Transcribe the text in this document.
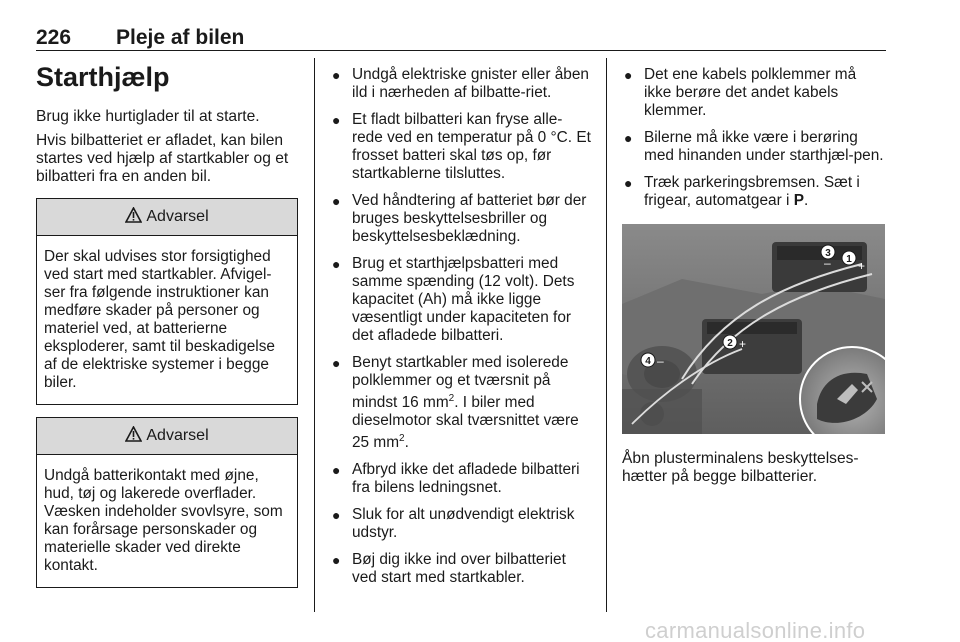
226 Pleje af bilen
Starthjælp

Brug ikke hurtiglader til at starte.

Hvis bilbatteriet er afladet, kan bilen startes ved hjælp af startkabler og et bilbatteri fra en anden bil.

Advarsel
Der skal udvises stor forsigtighed ved start med startkabler. Afvigel-ser fra følgende instruktioner kan medføre skader på personer og materiel ved, at batterierne eksploderer, samt til beskadigelse af de elektriske systemer i begge biler.
Advarsel
Undgå batterikontakt med øjne, hud, tøj og lakerede overflader. Væsken indeholder svovlsyre, som kan forårsage personskader og materielle skader ved direkte kontakt.
● Undgå elektriske gnister eller åben ild i nærheden af bilbatte-riet.
● Et fladt bilbatteri kan fryse alle-rede ved en temperatur på 0 °C. Et frosset batteri skal tøs op, før startkablerne tilsluttes.
● Ved håndtering af batteriet bør der bruges beskyttelsesbriller og beskyttelsesbeklædning.
● Brug et starthjælpsbatteri med samme spænding (12 volt). Dets kapacitet (Ah) må ikke ligge væsentligt under kapaciteten for det afladede bilbatteri.
● Benyt startkabler med isolerede polklemmer og et tværsnit på mindst 16 $mm^2$. I biler med dieselmotor skal tværsnittet være 25 $mm^2$.
● Afbryd ikke det afladede bilbatteri fra bilens ledningsnet.
● Sluk for alt unødvendigt elektrisk udstyr.
● Bøj dig ikke ind over bilbatteriet ved start med startkabler.
● Det ene kabels polklemmer må ikke berøre det andet kabels klemmer.
● Bilerne må ikke være i berøring med hinanden under starthjæl-pen.
● Træk parkeringsbremsen. Sæt i frigear, automatgear i P.
1 +
2 +
3
–
4 –

Åbn plusterminalens beskyttelses-hætter på begge bilbatterier.

carmanualsonline.info
